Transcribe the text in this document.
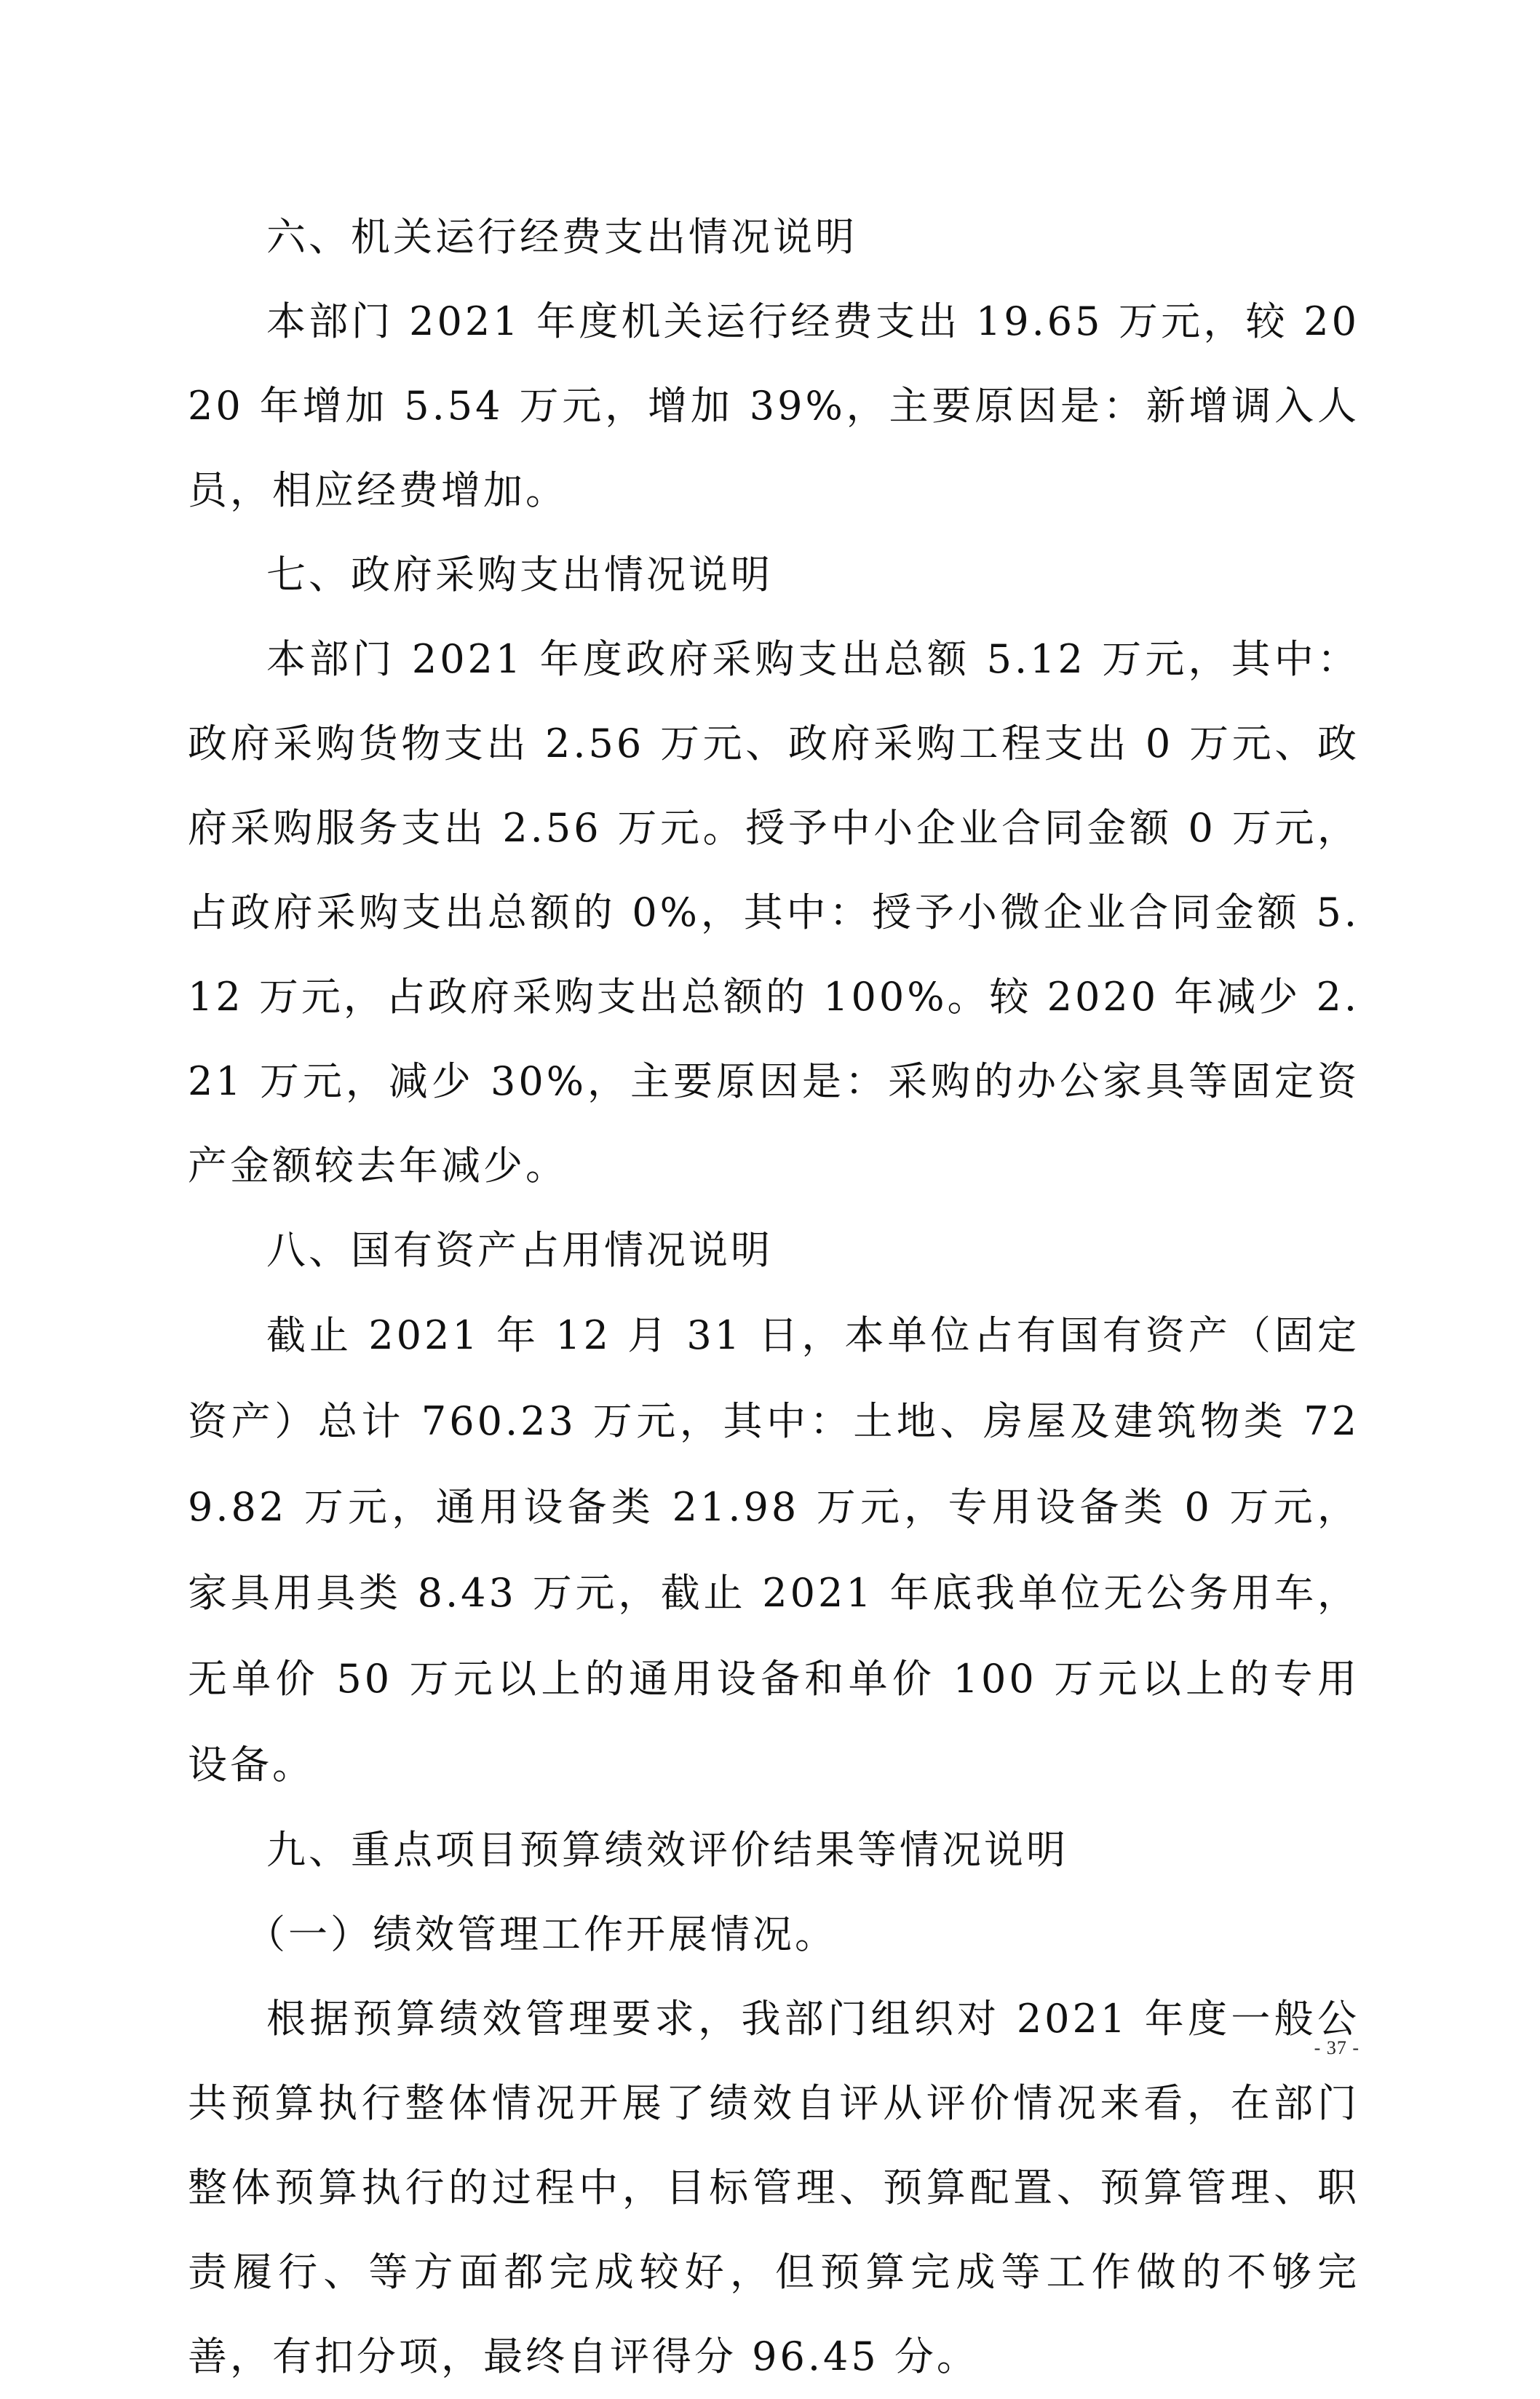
六、机关运行经费支出情况说明

本部门 2021 年度机关运行经费支出 19.65 万元，较 2020 年增加 5.54 万元，增加 39%，主要原因是：新增调入人员，相应经费增加。

七、政府采购支出情况说明

本部门 2021 年度政府采购支出总额 5.12 万元，其中：政府采购货物支出 2.56 万元、政府采购工程支出 0 万元、政府采购服务支出 2.56 万元。授予中小企业合同金额 0 万元，占政府采购支出总额的 0%，其中：授予小微企业合同金额 5.12 万元，占政府采购支出总额的 100%。较 2020 年减少 2.21 万元，减少 30%，主要原因是：采购的办公家具等固定资产金额较去年减少。

八、国有资产占用情况说明

截止 2021 年 12 月 31 日，本单位占有国有资产（固定资产）总计 760.23 万元，其中：土地、房屋及建筑物类 729.82 万元，通用设备类 21.98 万元，专用设备类 0 万元，家具用具类 8.43 万元，截止 2021 年底我单位无公务用车，无单价 50 万元以上的通用设备和单价 100 万元以上的专用设备。

九、重点项目预算绩效评价结果等情况说明

（一）绩效管理工作开展情况。

根据预算绩效管理要求，我部门组织对 2021 年度一般公共预算执行整体情况开展了绩效自评从评价情况来看，在部门整体预算执行的过程中，目标管理、预算配置、预算管理、职责履行、等方面都完成较好，但预算完成等工作做的不够完善，有扣分项，最终自评得分 96.45 分。

- 37 -
